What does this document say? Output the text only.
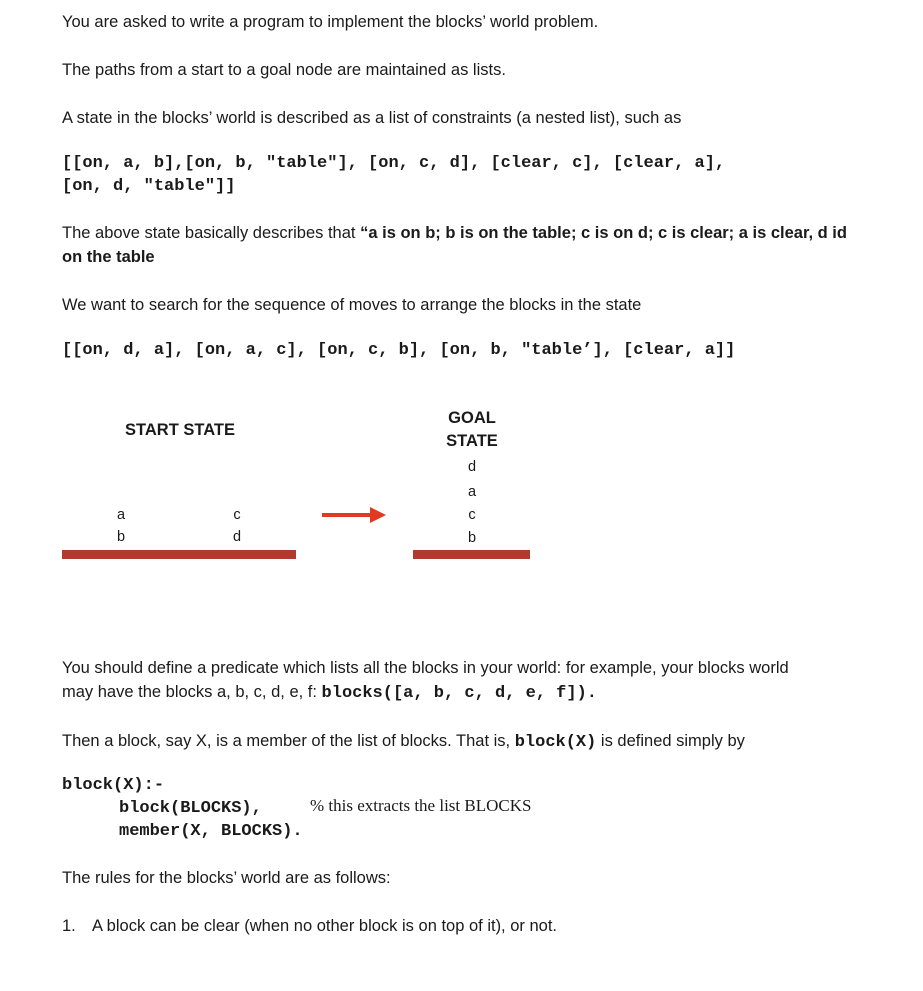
You are asked to write a program to implement the blocks’ world problem.
The paths from a start to a goal node are maintained as lists.
A state in the blocks’ world is described as a list of constraints (a nested list), such as
[[on, a, b],[on, b, "table"], [on, c, d], [clear, c], [clear, a],
[on, d, "table"]]
The above state basically describes that “a is on b; b is on the table; c is on d; c is clear; a is clear, d id
on the table
We want to search for the sequence of moves to arrange the blocks in the state
[[on, d, a], [on, a, c], [on, c, b], [on, b, "table’], [clear, a]]
START STATE
GOAL
STATE
a
b
c
d
d
a
c
b
You should define a predicate which lists all the blocks in your world: for example, your blocks world
may have the blocks a, b, c, d, e, f: blocks([a, b, c, d, e, f]).
Then a block, say X, is a member of the list of blocks. That is, block(X) is defined simply by
block(X):-
block(BLOCKS),	% this extracts the list BLOCKS
member(X, BLOCKS).
The rules for the blocks’ world are as follows:
1. A block can be clear (when no other block is on top of it), or not.
